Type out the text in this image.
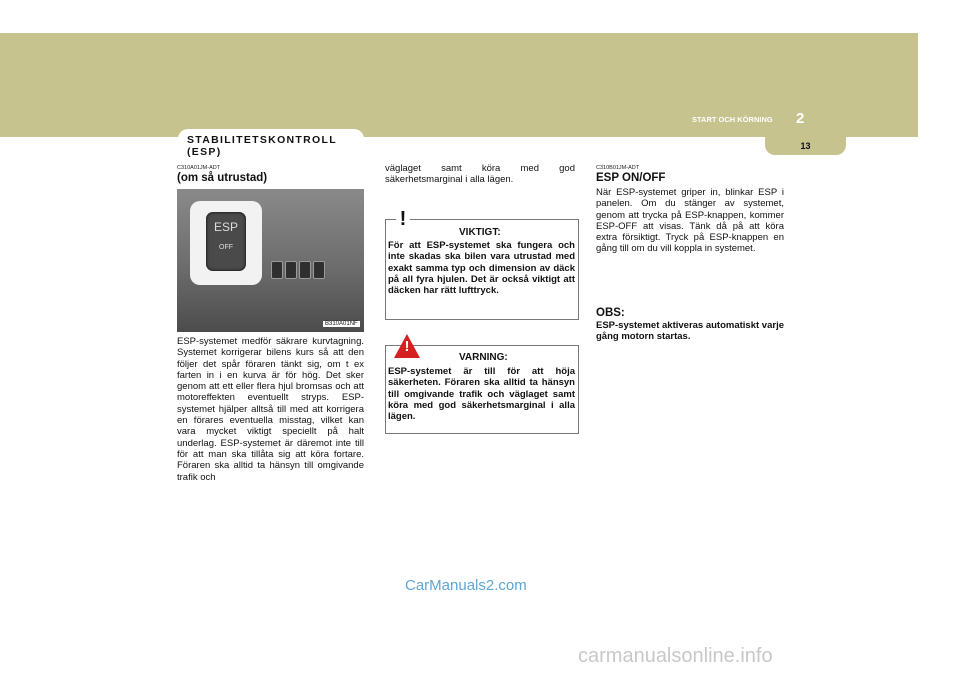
START OCH KÖRNING 2
13
STABILITETSKONTROLL (ESP)
C310A01JM-ADT
(om så utrustad)
ESP
OFF
B310A01NF
ESP-systemet medför säkrare kurvtagning. Systemet korrigerar bilens kurs så att den följer det spår föraren tänkt sig, om t ex farten in i en kurva är för hög. Det sker genom att ett eller flera hjul bromsas och att motoreffekten eventuellt stryps. ESP-systemet hjälper alltså till med att korrigera en förares eventuella misstag, vilket kan vara mycket viktigt speciellt på halt underlag. ESP-systemet är däremot inte till för att man ska tillåta sig att köra fortare. Föraren ska alltid ta hänsyn till omgivande trafik och
väglaget samt köra med god säkerhetsmarginal i alla lägen.
!
VIKTIGT:
För att ESP-systemet ska fungera och inte skadas ska bilen vara utrustad med exakt samma typ och dimension av däck på all fyra hjulen. Det är också viktigt att däcken har rätt lufttryck.
!
VARNING:
ESP-systemet är till för att höja säkerheten. Föraren ska alltid ta hänsyn till omgivande trafik och väglaget samt köra med god säkerhetsmarginal i alla lägen.
C310B01JM-ADT
ESP ON/OFF
När ESP-systemet griper in, blinkar ESP i panelen. Om du stänger av systemet, genom att trycka på ESP-knappen, kommer ESP-OFF att visas. Tänk då på att köra extra försiktigt. Tryck på ESP-knappen en gång till om du vill koppla in systemet.
OBS:
ESP-systemet aktiveras automatiskt varje gång motorn startas.
CarManuals2.com
carmanualsonline.info
